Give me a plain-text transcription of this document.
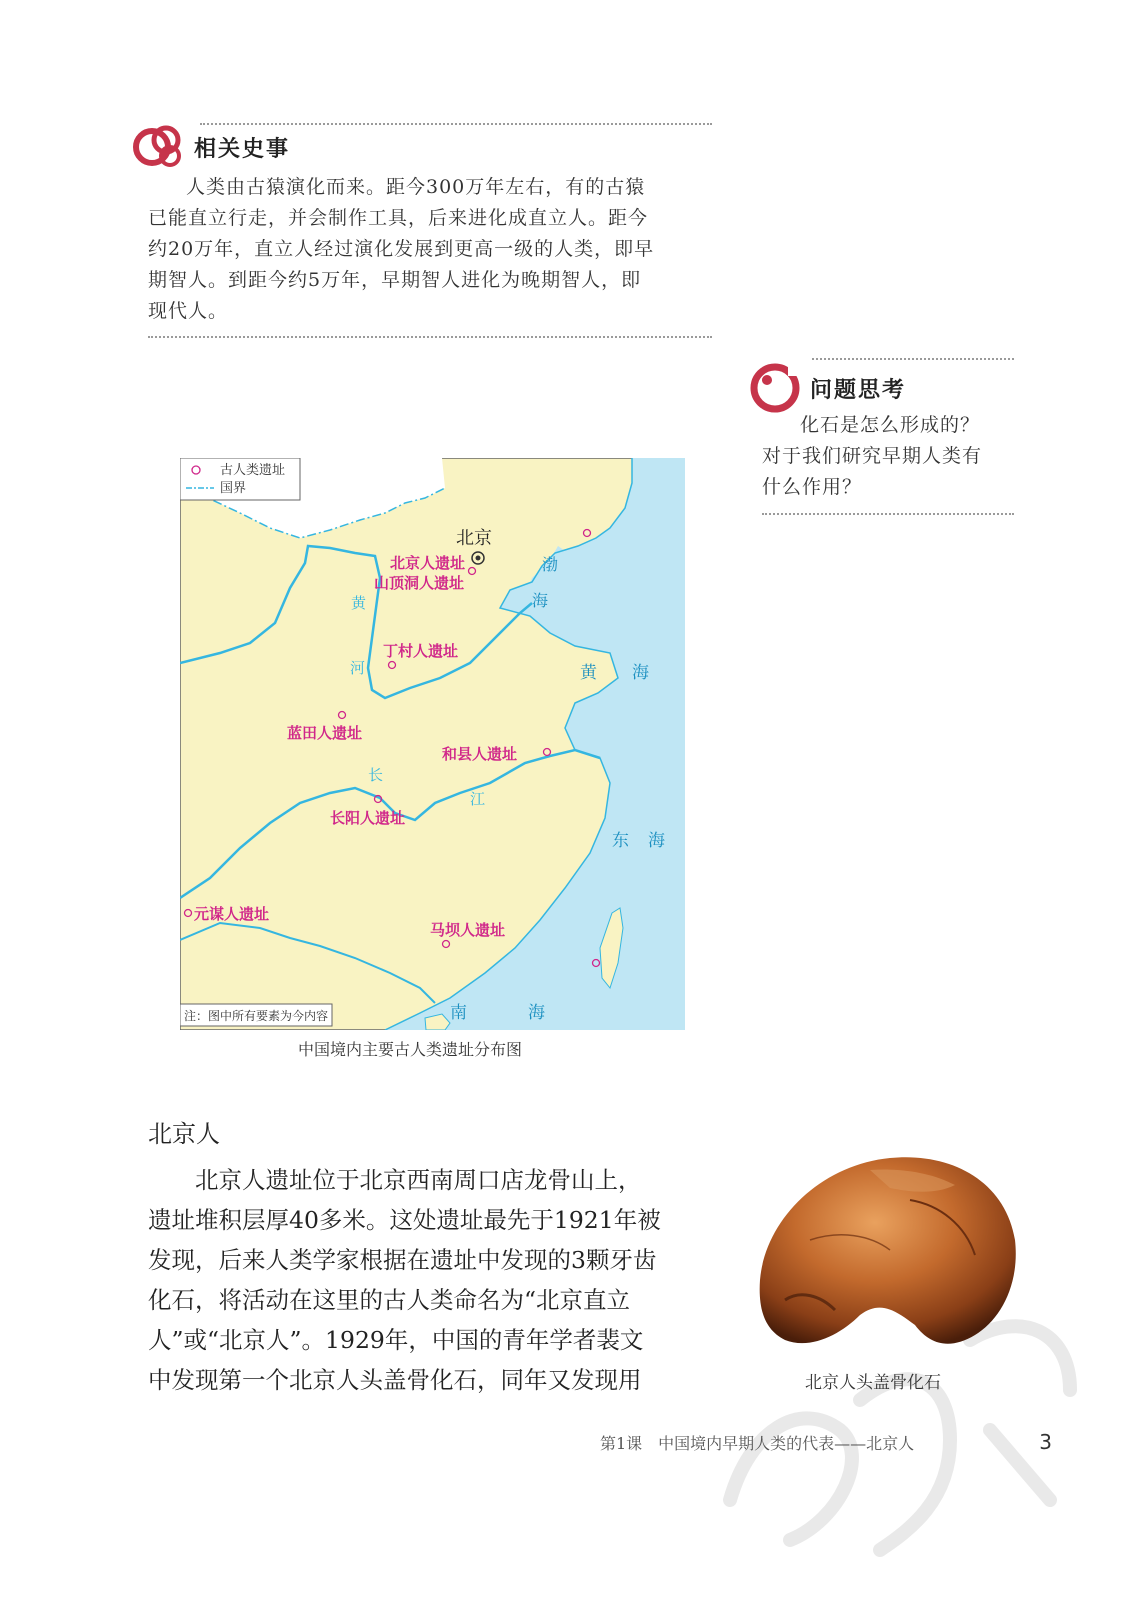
相关史事

人类由古猿演化而来。距今300万年左右，有的古猿

已能直立行走，并会制作工具，后来进化成直立人。距今

约20万年，直立人经过演化发展到更高一级的人类，即早

期智人。到距今约5万年，早期智人进化为晚期智人，即

现代人。

问题思考

化石是怎么形成的？

对于我们研究早期人类有

什么作用？

古人类遗址
国界
北京
北京人遗址
山顶洞人遗址
丁村人遗址
蓝田人遗址
和县人遗址
长阳人遗址
元谋人遗址
马坝人遗址
黄
河
长
江
渤
海
黄 海
东 海
南	海
注：图中所有要素为今内容
中国境内主要古人类遗址分布图
北京人

北京人遗址位于北京西南周口店龙骨山上，

遗址堆积层厚40多米。这处遗址最先于1921年被

发现，后来人类学家根据在遗址中发现的3颗牙齿

化石，将活动在这里的古人类命名为“北京直立

人”或“北京人”。1929年，中国的青年学者裴文

中发现第一个北京人头盖骨化石，同年又发现用	北京人头盖骨化石
第1课　中国境内早期人类的代表——北京人	3
